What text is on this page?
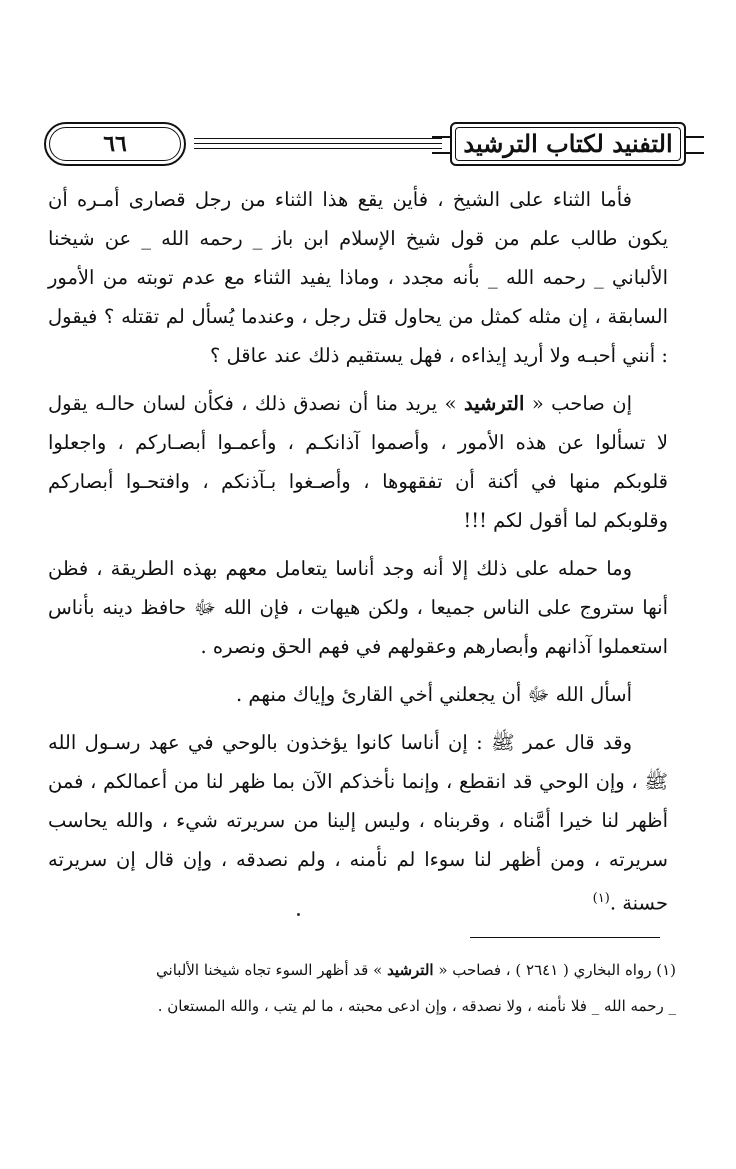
التفنيد لكتاب الترشيد
٦٦

فأما الثناء على الشيخ ، فأين يقع هذا الثناء من رجل قصارى أمـره أن يكون طالب علم من قول شيخ الإسلام ابن باز _ رحمه الله _ عن شيخنا الألباني _ رحمه الله _ بأنه مجدد ، وماذا يفيد الثناء مع عدم توبته من الأمور السابقة ، إن مثله كمثل من يحاول قتل رجل ، وعندما يُسأل لم تقتله ؟ فيقول : أنني أحبـه ولا أريد إيذاءه ، فهل يستقيم ذلك عند عاقل ؟

إن صاحب « الترشيد » يريد منا أن نصدق ذلك ، فكأن لسان حالـه يقول لا تسألوا عن هذه الأمور ، وأصموا آذانكـم ، وأعمـوا أبصـاركم ، واجعلوا قلوبكم منها في أكنة أن تفقهوها ، وأصـغوا بـآذنكم ، وافتحـوا أبصاركم وقلوبكم لما أقول لكم !!!

وما حمله على ذلك إلا أنه وجد أناسا يتعامل معهم بهذه الطريقة ، فظن أنها ستروج على الناس جميعا ، ولكن هيهات ، فإن الله ﷻ حافظ دينه بأناس استعملوا آذانهم وأبصارهم وعقولهم في فهم الحق ونصره .

أسأل الله ﷻ أن يجعلني أخي القارئ وإياك منهم .

وقد قال عمر ﷺ : إن أناسا كانوا يؤخذون بالوحي في عهد رسـول الله ﷺ ، وإن الوحي قد انقطع ، وإنما نأخذكم الآن بما ظهر لنا من أعمالكم ، فمن أظهر لنا خيرا أمَّناه ، وقربناه ، وليس إلينا من سريرته شيء ، والله يحاسب سريرته ، ومن أظهر لنا سوءا لم نأمنه ، ولم نصدقه ، وإن قال إن سريرته حسنة .$^{(١)}$

(١) رواه البخاري ( ٢٦٤١ ) ، فصاحب « الترشيد » قد أظهر السوء تجاه شيخنا الألباني

_ رحمه الله _ فلا نأمنه ، ولا نصدقه ، وإن ادعى محبته ، ما لم يتب ، والله المستعان .
